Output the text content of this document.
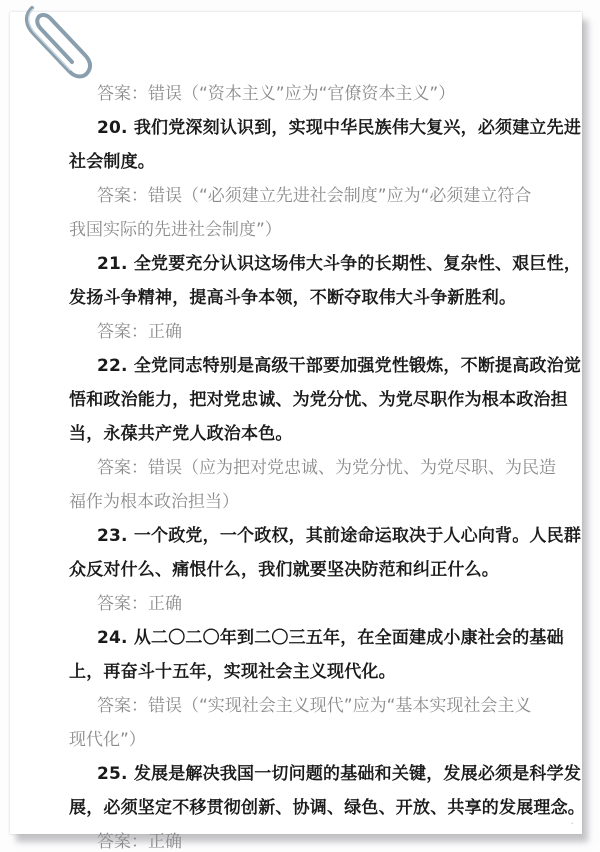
答案：错误（“资本主义”应为“官僚资本主义”）
20. 我们党深刻认识到，实现中华民族伟大复兴，必须建立先进
社会制度。
答案：错误（“必须建立先进社会制度”应为“必须建立符合
我国实际的先进社会制度”）
21. 全党要充分认识这场伟大斗争的长期性、复杂性、艰巨性，
发扬斗争精神，提高斗争本领，不断夺取伟大斗争新胜利。
答案：正确
22. 全党同志特别是高级干部要加强党性锻炼，不断提高政治觉
悟和政治能力，把对党忠诚、为党分忧、为党尽职作为根本政治担
当，永葆共产党人政治本色。
答案：错误（应为把对党忠诚、为党分忧、为党尽职、为民造
福作为根本政治担当）
23. 一个政党，一个政权，其前途命运取决于人心向背。人民群
众反对什么、痛恨什么，我们就要坚决防范和纠正什么。
答案：正确
24. 从二〇二〇年到二〇三五年，在全面建成小康社会的基础
上，再奋斗十五年，实现社会主义现代化。
答案：错误（“实现社会主义现代”应为“基本实现社会主义
现代化”）
25. 发展是解决我国一切问题的基础和关键，发展必须是科学发
展，必须坚定不移贯彻创新、协调、绿色、开放、共享的发展理念。
答案：正确
·
